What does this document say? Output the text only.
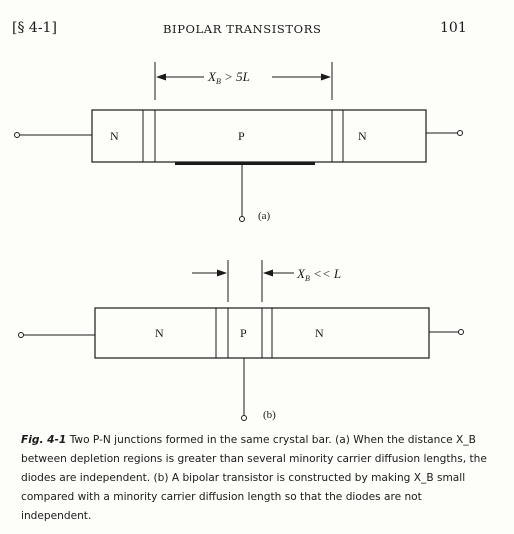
[§ 4-1]	BIPOLAR TRANSISTORS	101
$X_B > 5L$
N	P	N
(a)
$X_B << L$
N	P	N
(b)
Fig. 4-1 Two P-N junctions formed in the same crystal bar. (a) When the distance X_B between depletion regions is greater than several minority carrier diffusion lengths, the diodes are independent. (b) A bipolar transistor is constructed by making X_B small compared with a minority carrier diffusion length so that the diodes are not independent.
